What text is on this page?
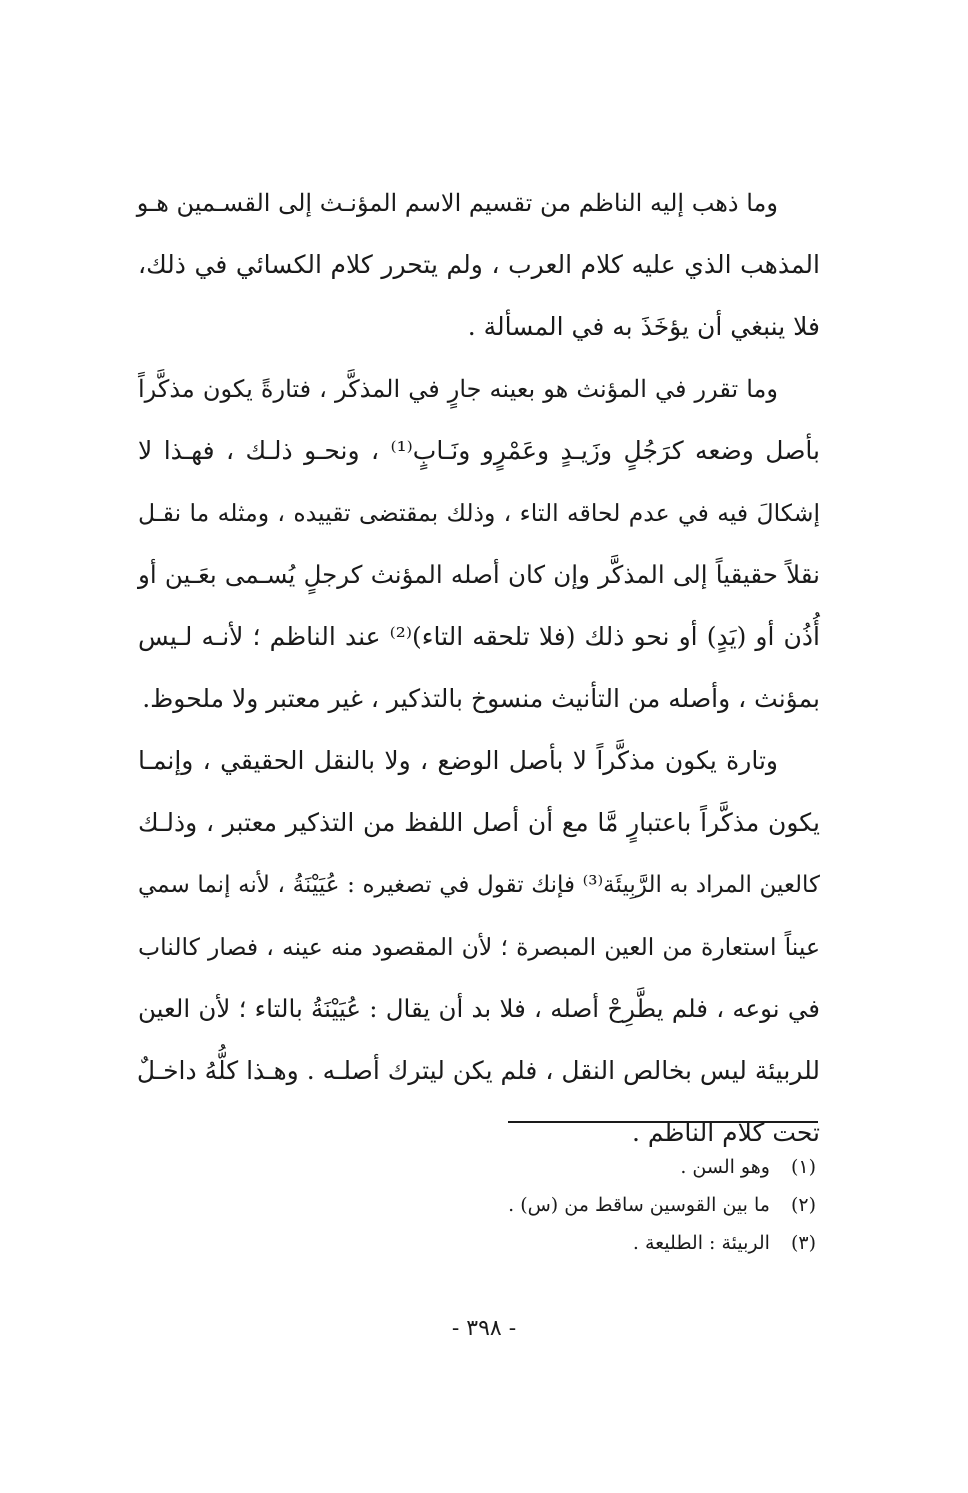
وما ذهب إليه الناظم من تقسيم الاسم المؤنـث إلى القسـمين هـو
المذهب الذي عليه كلام العرب ، ولم يتحرر كلام الكسائي في ذلك،
فلا ينبغي أن يؤخَذَ به في المسألة .
وما تقرر في المؤنث هو بعينه جارٍ في المذكَّر ، فتارةً يكون مذكَّراً
بأصل وضعه كرَجُلٍ وزَيـدٍ وعَمْرٍو ونَـابٍ⁽¹⁾ ، ونحـو ذلـك ، فهـذا لا
إشكالَ فيه في عدم لحاقه التاء ، وذلك بمقتضى تقييده ، ومثله ما نقـل
نقلاً حقيقياً إلى المذكَّر وإن كان أصله المؤنث كرجلٍ يُسـمى بعَـين أو
أُذُن أو (يَدٍ) أو نحو ذلك (فلا تلحقه التاء)⁽²⁾ عند الناظم ؛ لأنـه لـيس
بمؤنث ، وأصله من التأنيث منسوخ بالتذكير ، غير معتبر ولا ملحوظ.
وتارة يكون مذكَّراً لا بأصل الوضع ، ولا بالنقل الحقيقي ، وإنمـا
يكون مذكَّراً باعتبارٍ مَّا مع أن أصل اللفظ من التذكير معتبر ، وذلـك
كالعين المراد به الرَّبِيئَة⁽³⁾ فإنك تقول في تصغيره : عُيَيْنَةُ ، لأنه إنما سمي
عيناً استعارة من العين المبصرة ؛ لأن المقصود منه عينه ، فصار كالناب
في نوعه ، فلم يطَّرِحْ أصله ، فلا بد أن يقال : عُيَيْنَةُ بالتاء ؛ لأن العين
للربيئة ليس بخالص النقل ، فلم يكن ليترك أصلـه . وهـذا كلُّهُ داخـلٌ
تحت كلام الناظم .
(١) وهو السن .
(٢) ما بين القوسين ساقط من (س) .
(٣) الربيئة : الطليعة .
- ٣٩٨ -
